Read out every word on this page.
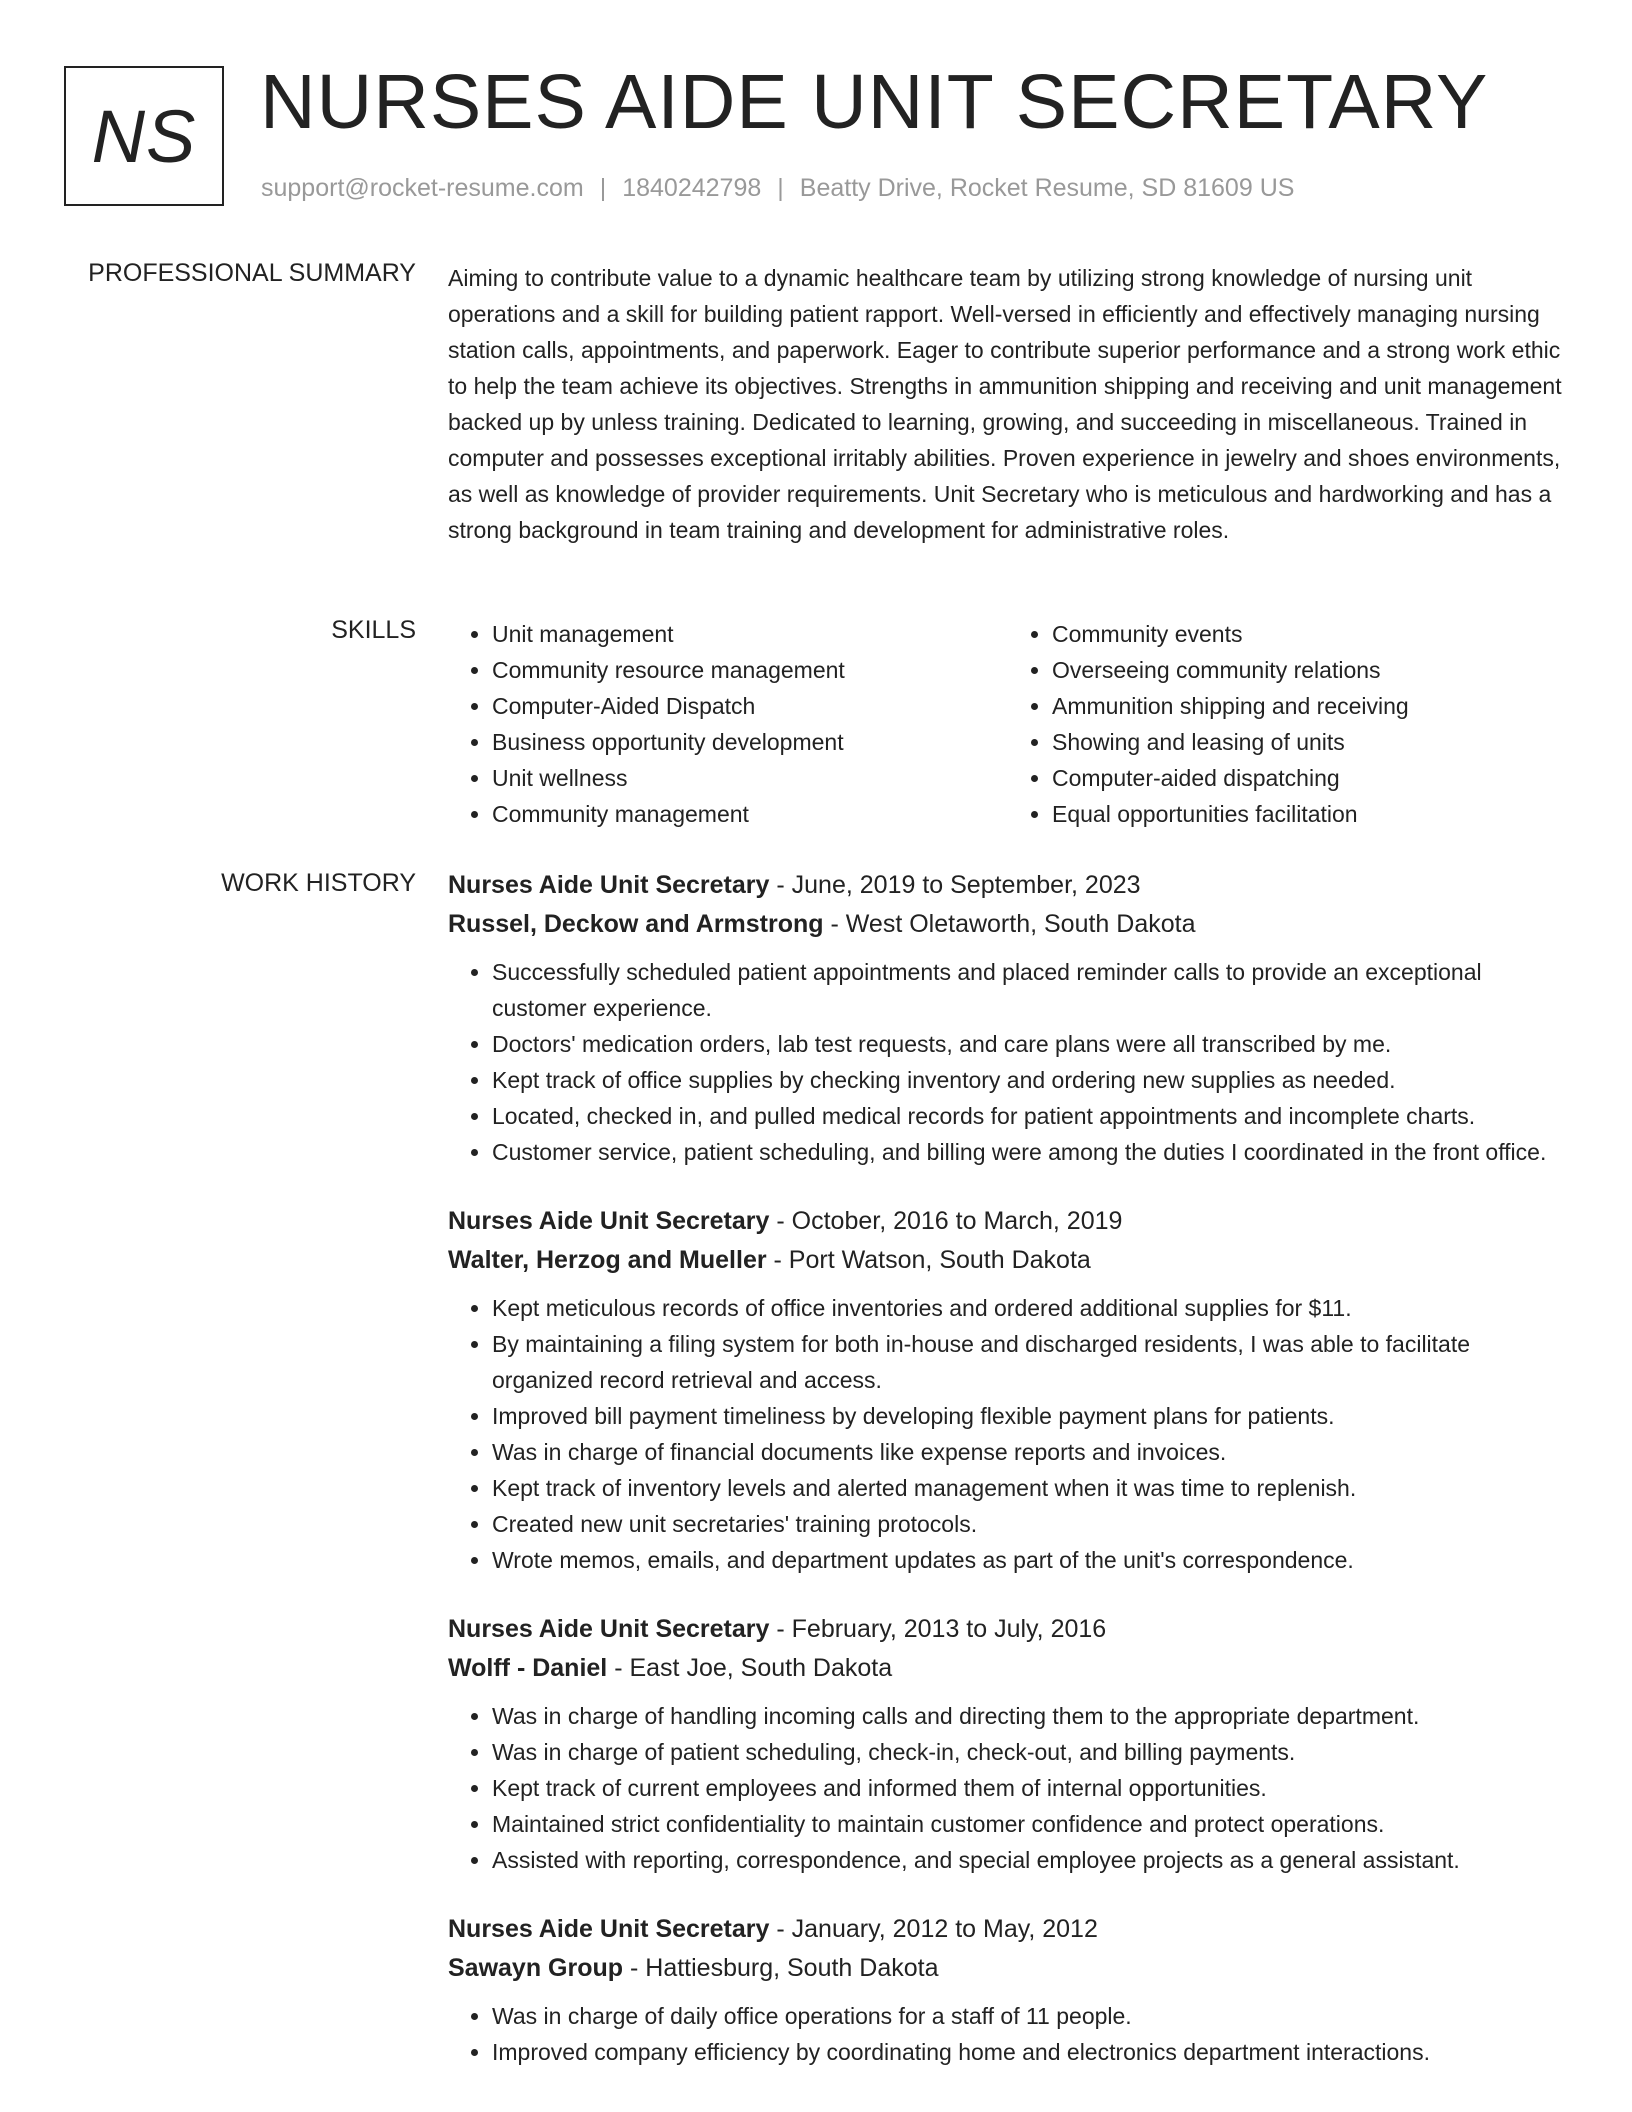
NS NURSES AIDE UNIT SECRETARY
support@rocket-resume.com | 1840242798 | Beatty Drive, Rocket Resume, SD 81609 US
PROFESSIONAL SUMMARY Aiming to contribute value to a dynamic healthcare team by utilizing strong knowledge of nursing unit operations and a skill for building patient rapport. Well-versed in efficiently and effectively managing nursing station calls, appointments, and paperwork. Eager to contribute superior performance and a strong work ethic to help the team achieve its objectives. Strengths in ammunition shipping and receiving and unit management backed up by unless training. Dedicated to learning, growing, and succeeding in miscellaneous. Trained in computer and possesses exceptional irritably abilities. Proven experience in jewelry and shoes environments, as well as knowledge of provider requirements. Unit Secretary who is meticulous and hardworking and has a strong background in team training and development for administrative roles.

SKILLS
•	Unit management
• Community resource management
• Computer-Aided Dispatch
• Business opportunity development
• Unit wellness
• Community management
• Community events
• Overseeing community relations
• Ammunition shipping and receiving
• Showing and leasing of units
• Computer-aided dispatching
• Equal opportunities facilitation
WORK HISTORY Nurses Aide Unit Secretary - June, 2019 to September, 2023
Russel, Deckow and Armstrong - West Oletaworth, South Dakota
• Successfully scheduled patient appointments and placed reminder calls to provide an exceptional customer experience.
• Doctors' medication orders, lab test requests, and care plans were all transcribed by me.
• Kept track of office supplies by checking inventory and ordering new supplies as needed.
• Located, checked in, and pulled medical records for patient appointments and incomplete charts.
• Customer service, patient scheduling, and billing were among the duties I coordinated in the front office.
Nurses Aide Unit Secretary - October, 2016 to March, 2019
Walter, Herzog and Mueller - Port Watson, South Dakota
• Kept meticulous records of office inventories and ordered additional supplies for $11.
• By maintaining a filing system for both in-house and discharged residents, I was able to facilitate organized record retrieval and access.
• Improved bill payment timeliness by developing flexible payment plans for patients.
• Was in charge of financial documents like expense reports and invoices.
• Kept track of inventory levels and alerted management when it was time to replenish.
• Created new unit secretaries' training protocols.
• Wrote memos, emails, and department updates as part of the unit's correspondence.
Nurses Aide Unit Secretary - February, 2013 to July, 2016
Wolff - Daniel - East Joe, South Dakota
• Was in charge of handling incoming calls and directing them to the appropriate department.
• Was in charge of patient scheduling, check-in, check-out, and billing payments.
• Kept track of current employees and informed them of internal opportunities.
• Maintained strict confidentiality to maintain customer confidence and protect operations.
• Assisted with reporting, correspondence, and special employee projects as a general assistant.
Nurses Aide Unit Secretary - January, 2012 to May, 2012
Sawayn Group - Hattiesburg, South Dakota
• Was in charge of daily office operations for a staff of 11 people.
• Improved company efficiency by coordinating home and electronics department interactions.
